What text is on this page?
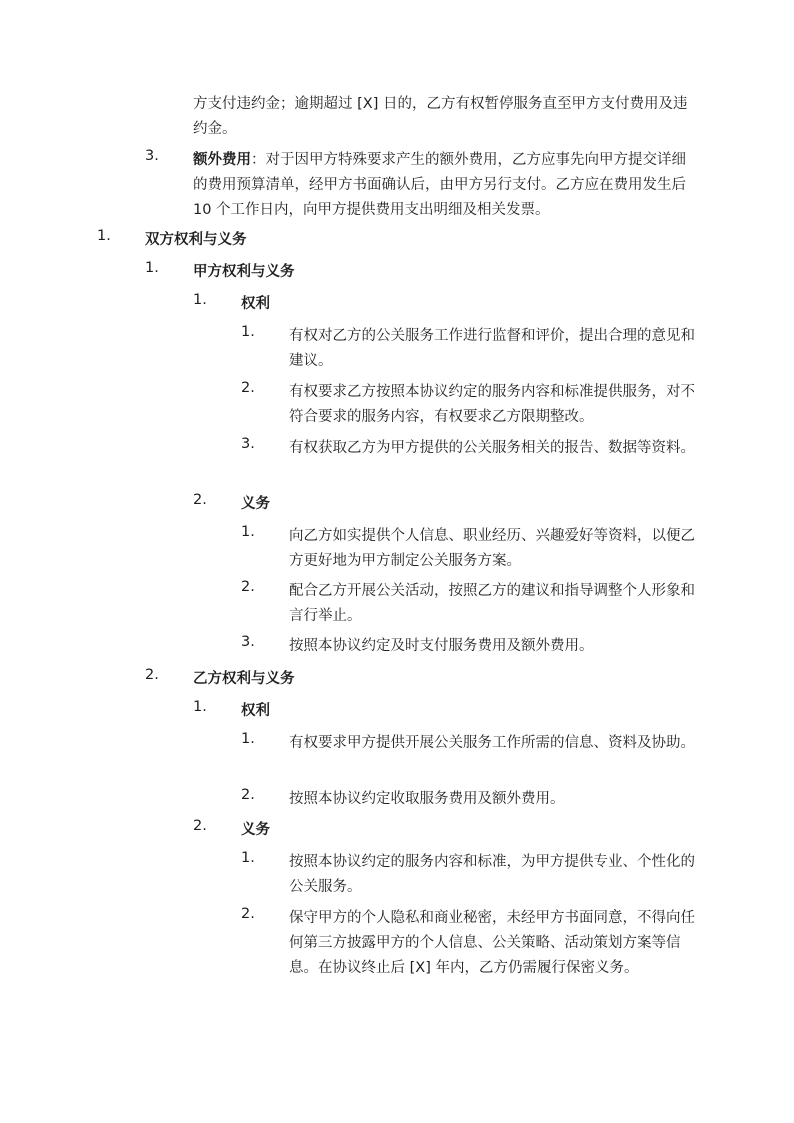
方支付违约金；逾期超过 [X] 日的，乙方有权暂停服务直至甲方支付费用及违约金。
3. 额外费用：对于因甲方特殊要求产生的额外费用，乙方应事先向甲方提交详细的费用预算清单，经甲方书面确认后，由甲方另行支付。乙方应在费用发生后 10 个工作日内，向甲方提供费用支出明细及相关发票。
1. 双方权利与义务
1. 甲方权利与义务
1. 权利
1. 有权对乙方的公关服务工作进行监督和评价，提出合理的意见和建议。
2. 有权要求乙方按照本协议约定的服务内容和标准提供服务，对不符合要求的服务内容，有权要求乙方限期整改。
3. 有权获取乙方为甲方提供的公关服务相关的报告、数据等资料。
2. 义务
1. 向乙方如实提供个人信息、职业经历、兴趣爱好等资料，以便乙方更好地为甲方制定公关服务方案。
2. 配合乙方开展公关活动，按照乙方的建议和指导调整个人形象和言行举止。
3. 按照本协议约定及时支付服务费用及额外费用。
2. 乙方权利与义务
1. 权利
1. 有权要求甲方提供开展公关服务工作所需的信息、资料及协助。
2. 按照本协议约定收取服务费用及额外费用。
2. 义务
1. 按照本协议约定的服务内容和标准，为甲方提供专业、个性化的公关服务。
2. 保守甲方的个人隐私和商业秘密，未经甲方书面同意，不得向任何第三方披露甲方的个人信息、公关策略、活动策划方案等信息。在协议终止后 [X] 年内，乙方仍需履行保密义务。
